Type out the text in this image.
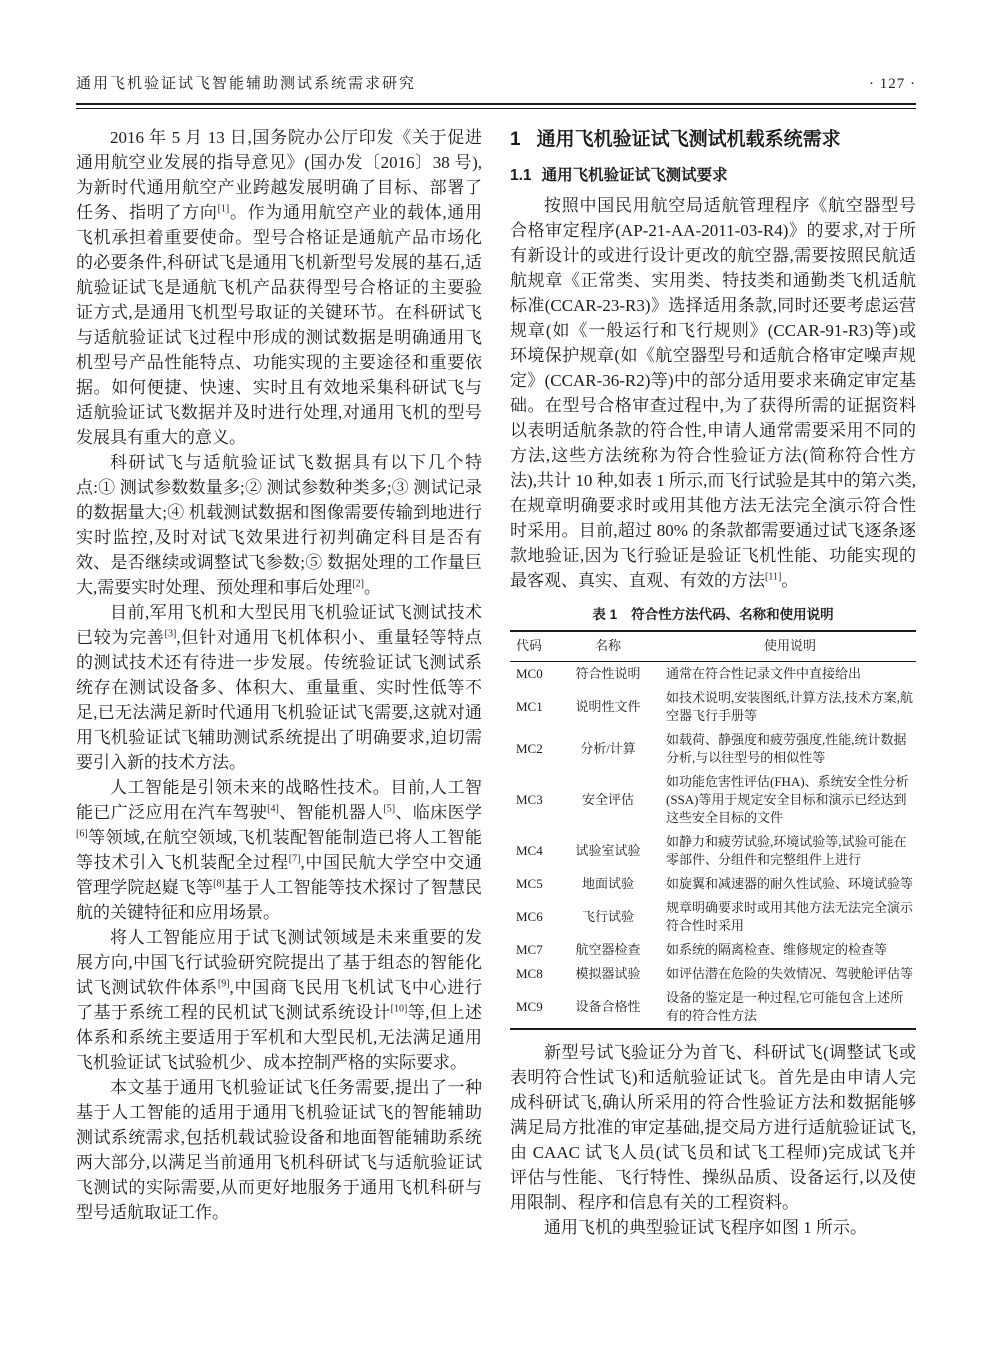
通用飞机验证试飞智能辅助测试系统需求研究	· 127 ·

2016 年 5 月 13 日,国务院办公厅印发《关于促进通用航空业发展的指导意见》(国办发〔2016〕38 号),为新时代通用航空产业跨越发展明确了目标、部署了任务、指明了方向[1]。作为通用航空产业的载体,通用飞机承担着重要使命。型号合格证是通航产品市场化的必要条件,科研试飞是通用飞机新型号发展的基石,适航验证试飞是通航飞机产品获得型号合格证的主要验证方式,是通用飞机型号取证的关键环节。在科研试飞与适航验证试飞过程中形成的测试数据是明确通用飞机型号产品性能特点、功能实现的主要途径和重要依据。如何便捷、快速、实时且有效地采集科研试飞与适航验证试飞数据并及时进行处理,对通用飞机的型号发展具有重大的意义。

科研试飞与适航验证试飞数据具有以下几个特点:① 测试参数数量多;② 测试参数种类多;③ 测试记录的数据量大;④ 机载测试数据和图像需要传输到地进行实时监控,及时对试飞效果进行初判确定科目是否有效、是否继续或调整试飞参数;⑤ 数据处理的工作量巨大,需要实时处理、预处理和事后处理[2]。

目前,军用飞机和大型民用飞机验证试飞测试技术已较为完善[3],但针对通用飞机体积小、重量轻等特点的测试技术还有待进一步发展。传统验证试飞测试系统存在测试设备多、体积大、重量重、实时性低等不足,已无法满足新时代通用飞机验证试飞需要,这就对通用飞机验证试飞辅助测试系统提出了明确要求,迫切需要引入新的技术方法。

人工智能是引领未来的战略性技术。目前,人工智能已广泛应用在汽车驾驶[4]、智能机器人[5]、临床医学[6]等领域,在航空领域,飞机装配智能制造已将人工智能等技术引入飞机装配全过程[7],中国民航大学空中交通管理学院赵嶷飞等[8]基于人工智能等技术探讨了智慧民航的关键特征和应用场景。

将人工智能应用于试飞测试领域是未来重要的发展方向,中国飞行试验研究院提出了基于组态的智能化试飞测试软件体系[9],中国商飞民用飞机试飞中心进行了基于系统工程的民机试飞测试系统设计[10]等,但上述体系和系统主要适用于军机和大型民机,无法满足通用飞机验证试飞试验机少、成本控制严格的实际要求。

本文基于通用飞机验证试飞任务需要,提出了一种基于人工智能的适用于通用飞机验证试飞的智能辅助测试系统需求,包括机载试验设备和地面智能辅助系统两大部分,以满足当前通用飞机科研试飞与适航验证试飞测试的实际需要,从而更好地服务于通用飞机科研与型号适航取证工作。

1 通用飞机验证试飞测试机载系统需求
1.1 通用飞机验证试飞测试要求

按照中国民用航空局适航管理程序《航空器型号合格审定程序(AP-21-AA-2011-03-R4)》的要求,对于所有新设计的或进行设计更改的航空器,需要按照民航适航规章《正常类、实用类、特技类和通勤类飞机适航标准(CCAR-23-R3)》选择适用条款,同时还要考虑运营规章(如《一般运行和飞行规则》(CCAR-91-R3)等)或环境保护规章(如《航空器型号和适航合格审定噪声规定》(CCAR-36-R2)等)中的部分适用要求来确定审定基础。在型号合格审查过程中,为了获得所需的证据资料以表明适航条款的符合性,申请人通常需要采用不同的方法,这些方法统称为符合性验证方法(简称符合性方法),共计 10 种,如表 1 所示,而飞行试验是其中的第六类,在规章明确要求时或用其他方法无法完全演示符合性时采用。目前,超过 80% 的条款都需要通过试飞逐条逐款地验证,因为飞行验证是验证飞机性能、功能实现的最客观、真实、直观、有效的方法[11]。

表 1 符合性方法代码、名称和使用说明
代码	名称	使用说明
MC0	符合性说明	通常在符合性记录文件中直接给出
MC1	说明性文件	如技术说明,安装图纸,计算方法,技术方案,航空器飞行手册等
MC2	分析/计算	如载荷、静强度和疲劳强度,性能,统计数据分析,与以往型号的相似性等
MC3	安全评估	如功能危害性评估(FHA)、系统安全性分析(SSA)等用于规定安全目标和演示已经达到这些安全目标的文件
MC4	试验室试验	如静力和疲劳试验,环境试验等,试验可能在零部件、分组件和完整组件上进行
MC5	地面试验	如旋翼和减速器的耐久性试验、环境试验等
MC6	飞行试验	规章明确要求时或用其他方法无法完全演示符合性时采用
MC7	航空器检查	如系统的隔离检查、维修规定的检查等
MC8	模拟器试验	如评估潜在危险的失效情况、驾驶舱评估等
MC9	设备合格性	设备的鉴定是一种过程,它可能包含上述所有的符合性方法

新型号试飞验证分为首飞、科研试飞(调整试飞或表明符合性试飞)和适航验证试飞。首先是由申请人完成科研试飞,确认所采用的符合性验证方法和数据能够满足局方批准的审定基础,提交局方进行适航验证试飞,由 CAAC 试飞人员(试飞员和试飞工程师)完成试飞并评估与性能、飞行特性、操纵品质、设备运行,以及使用限制、程序和信息有关的工程资料。

通用飞机的典型验证试飞程序如图 1 所示。
